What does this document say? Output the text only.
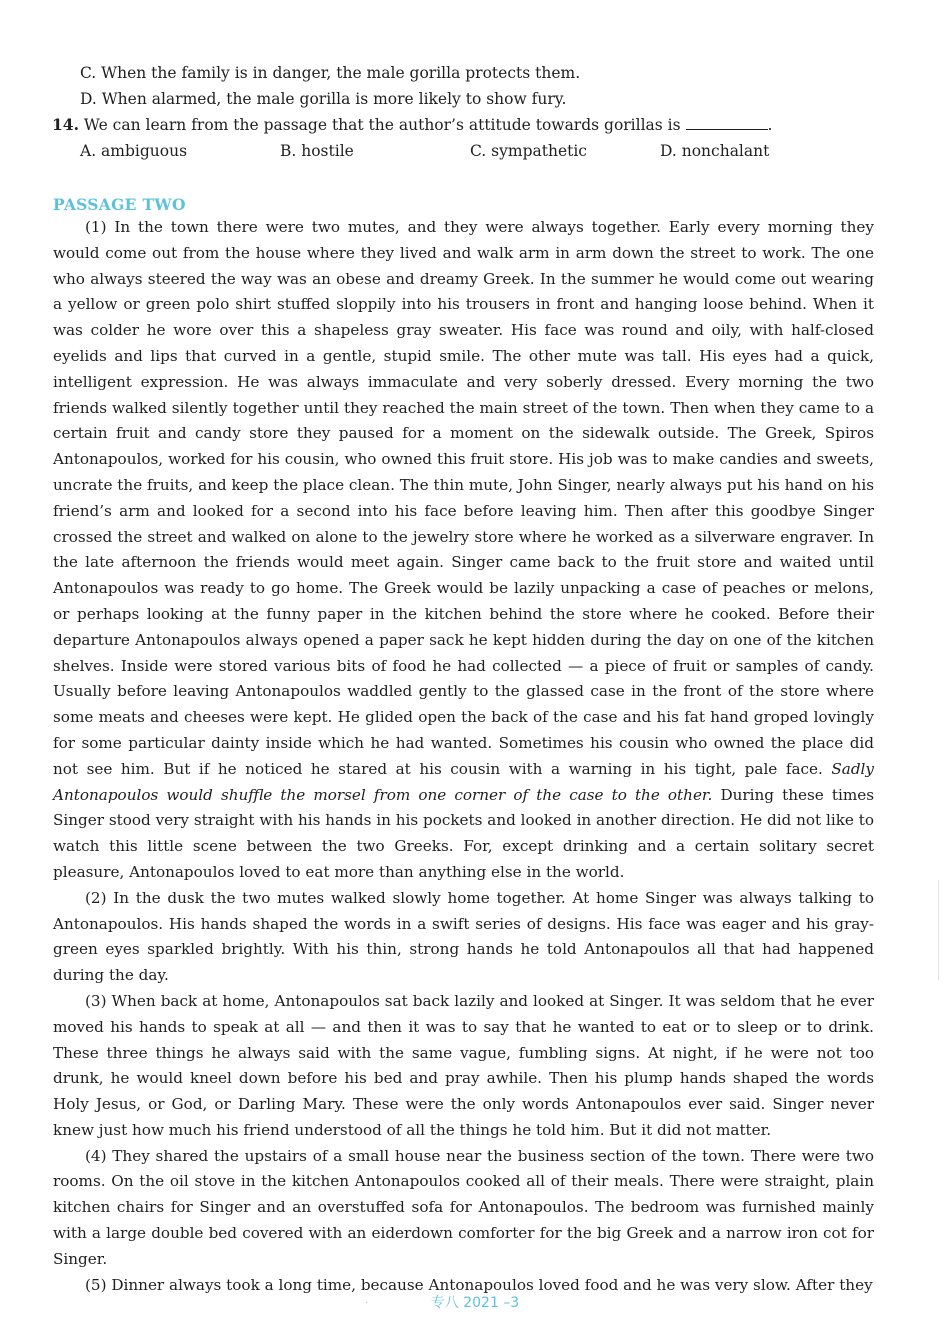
C. When the family is in danger, the male gorilla protects them.
D. When alarmed, the male gorilla is more likely to show fury.
14. We can learn from the passage that the author’s attitude towards gorillas is	.
A. ambiguous	B. hostile	C. sympathetic	D. nonchalant
PASSAGE TWO

(1) In the town there were two mutes, and they were always together. Early every morning they would come out from the house where they lived and walk arm in arm down the street to work. The one who always steered the way was an obese and dreamy Greek. In the summer he would come out wearing a yellow or green polo shirt stuffed sloppily into his trousers in front and hanging loose behind. When it was colder he wore over this a shapeless gray sweater. His face was round and oily, with half-closed eyelids and lips that curved in a gentle, stupid smile. The other mute was tall. His eyes had a quick, intelligent expression. He was always immaculate and very soberly dressed. Every morning the two friends walked silently together until they reached the main street of the town. Then when they came to a certain fruit and candy store they paused for a moment on the sidewalk outside. The Greek, Spiros Antonapoulos, worked for his cousin, who owned this fruit store. His job was to make candies and sweets, uncrate the fruits, and keep the place clean. The thin mute, John Singer, nearly always put his hand on his friend’s arm and looked for a second into his face before leaving him. Then after this goodbye Singer crossed the street and walked on alone to the jewelry store where he worked as a silverware engraver. In the late afternoon the friends would meet again. Singer came back to the fruit store and waited until Antonapoulos was ready to go home. The Greek would be lazily unpacking a case of peaches or melons, or perhaps looking at the funny paper in the kitchen behind the store where he cooked. Before their departure Antonapoulos always opened a paper sack he kept hidden during the day on one of the kitchen shelves. Inside were stored various bits of food he had collected — a piece of fruit or samples of candy. Usually before leaving Antonapoulos waddled gently to the glassed case in the front of the store where some meats and cheeses were kept. He glided open the back of the case and his fat hand groped lovingly for some particular dainty inside which he had wanted. Sometimes his cousin who owned the place did not see him. But if he noticed he stared at his cousin with a warning in his tight, pale face. Sadly Antonapoulos would shuffle the morsel from one corner of the case to the other. During these times Singer stood very straight with his hands in his pockets and looked in another direction. He did not like to watch this little scene between the two Greeks. For, except drinking and a certain solitary secret pleasure, Antonapoulos loved to eat more than anything else in the world.

(2) In the dusk the two mutes walked slowly home together. At home Singer was always talking to Antonapoulos. His hands shaped the words in a swift series of designs. His face was eager and his gray-green eyes sparkled brightly. With his thin, strong hands he told Antonapoulos all that had happened during the day.

(3) When back at home, Antonapoulos sat back lazily and looked at Singer. It was seldom that he ever moved his hands to speak at all — and then it was to say that he wanted to eat or to sleep or to drink. These three things he always said with the same vague, fumbling signs. At night, if he were not too drunk, he would kneel down before his bed and pray awhile. Then his plump hands shaped the words Holy Jesus, or God, or Darling Mary. These were the only words Antonapoulos ever said. Singer never knew just how much his friend understood of all the things he told him. But it did not matter.

(4) They shared the upstairs of a small house near the business section of the town. There were two rooms. On the oil stove in the kitchen Antonapoulos cooked all of their meals. There were straight, plain kitchen chairs for Singer and an overstuffed sofa for Antonapoulos. The bedroom was furnished mainly with a large double bed covered with an eiderdown comforter for the big Greek and a narrow iron cot for Singer.

(5) Dinner always took a long time, because Antonapoulos loved food and he was very slow. After they

·	专八 2021 –3
